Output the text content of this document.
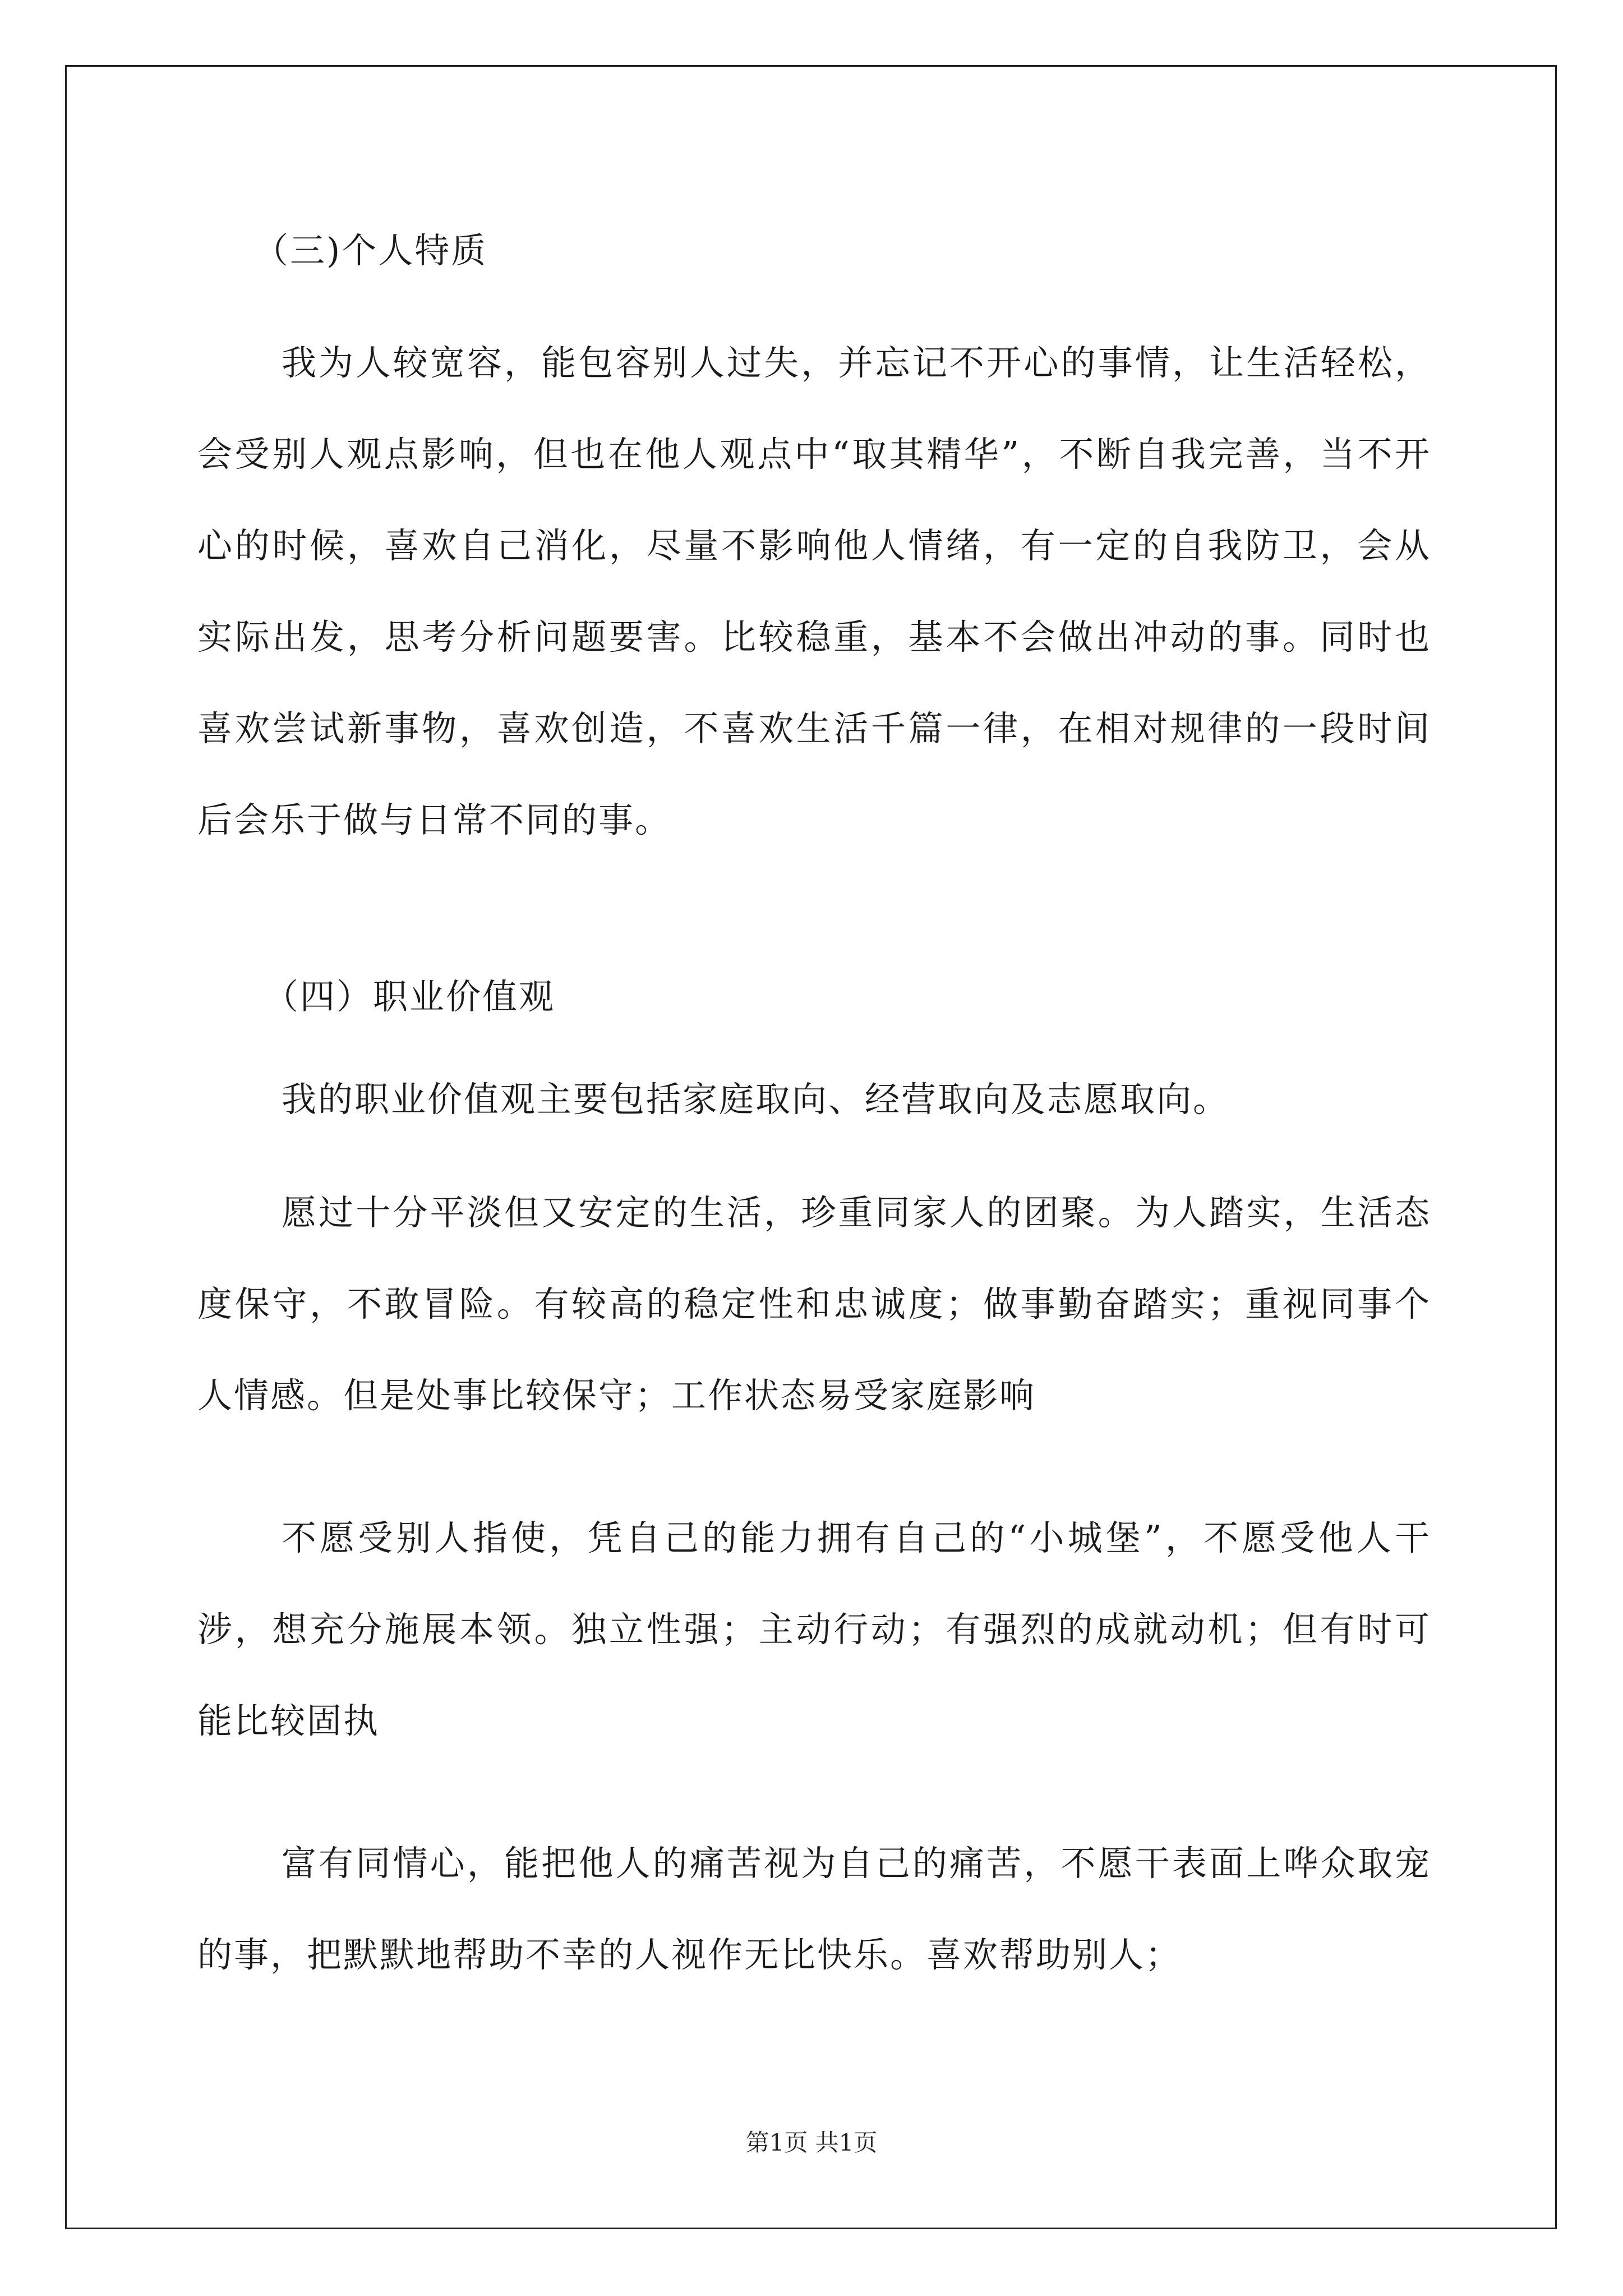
（三)个人特质

我为人较宽容，能包容别人过失，并忘记不开心的事情，让生活轻松，会受别人观点影响，但也在他人观点中“取其精华”，不断自我完善，当不开心的时候，喜欢自己消化，尽量不影响他人情绪，有一定的自我防卫，会从实际出发，思考分析问题要害。比较稳重，基本不会做出冲动的事。同时也喜欢尝试新事物，喜欢创造，不喜欢生活千篇一律，在相对规律的一段时间后会乐于做与日常不同的事。

（四）职业价值观

我的职业价值观主要包括家庭取向、经营取向及志愿取向。

愿过十分平淡但又安定的生活，珍重同家人的团聚。为人踏实，生活态度保守，不敢冒险。有较高的稳定性和忠诚度；做事勤奋踏实；重视同事个人情感。但是处事比较保守；工作状态易受家庭影响

不愿受别人指使，凭自己的能力拥有自己的“小城堡”，不愿受他人干涉，想充分施展本领。独立性强；主动行动；有强烈的成就动机；但有时可能比较固执

富有同情心，能把他人的痛苦视为自己的痛苦，不愿干表面上哗众取宠的事，把默默地帮助不幸的人视作无比快乐。喜欢帮助别人；

第1页 共1页
